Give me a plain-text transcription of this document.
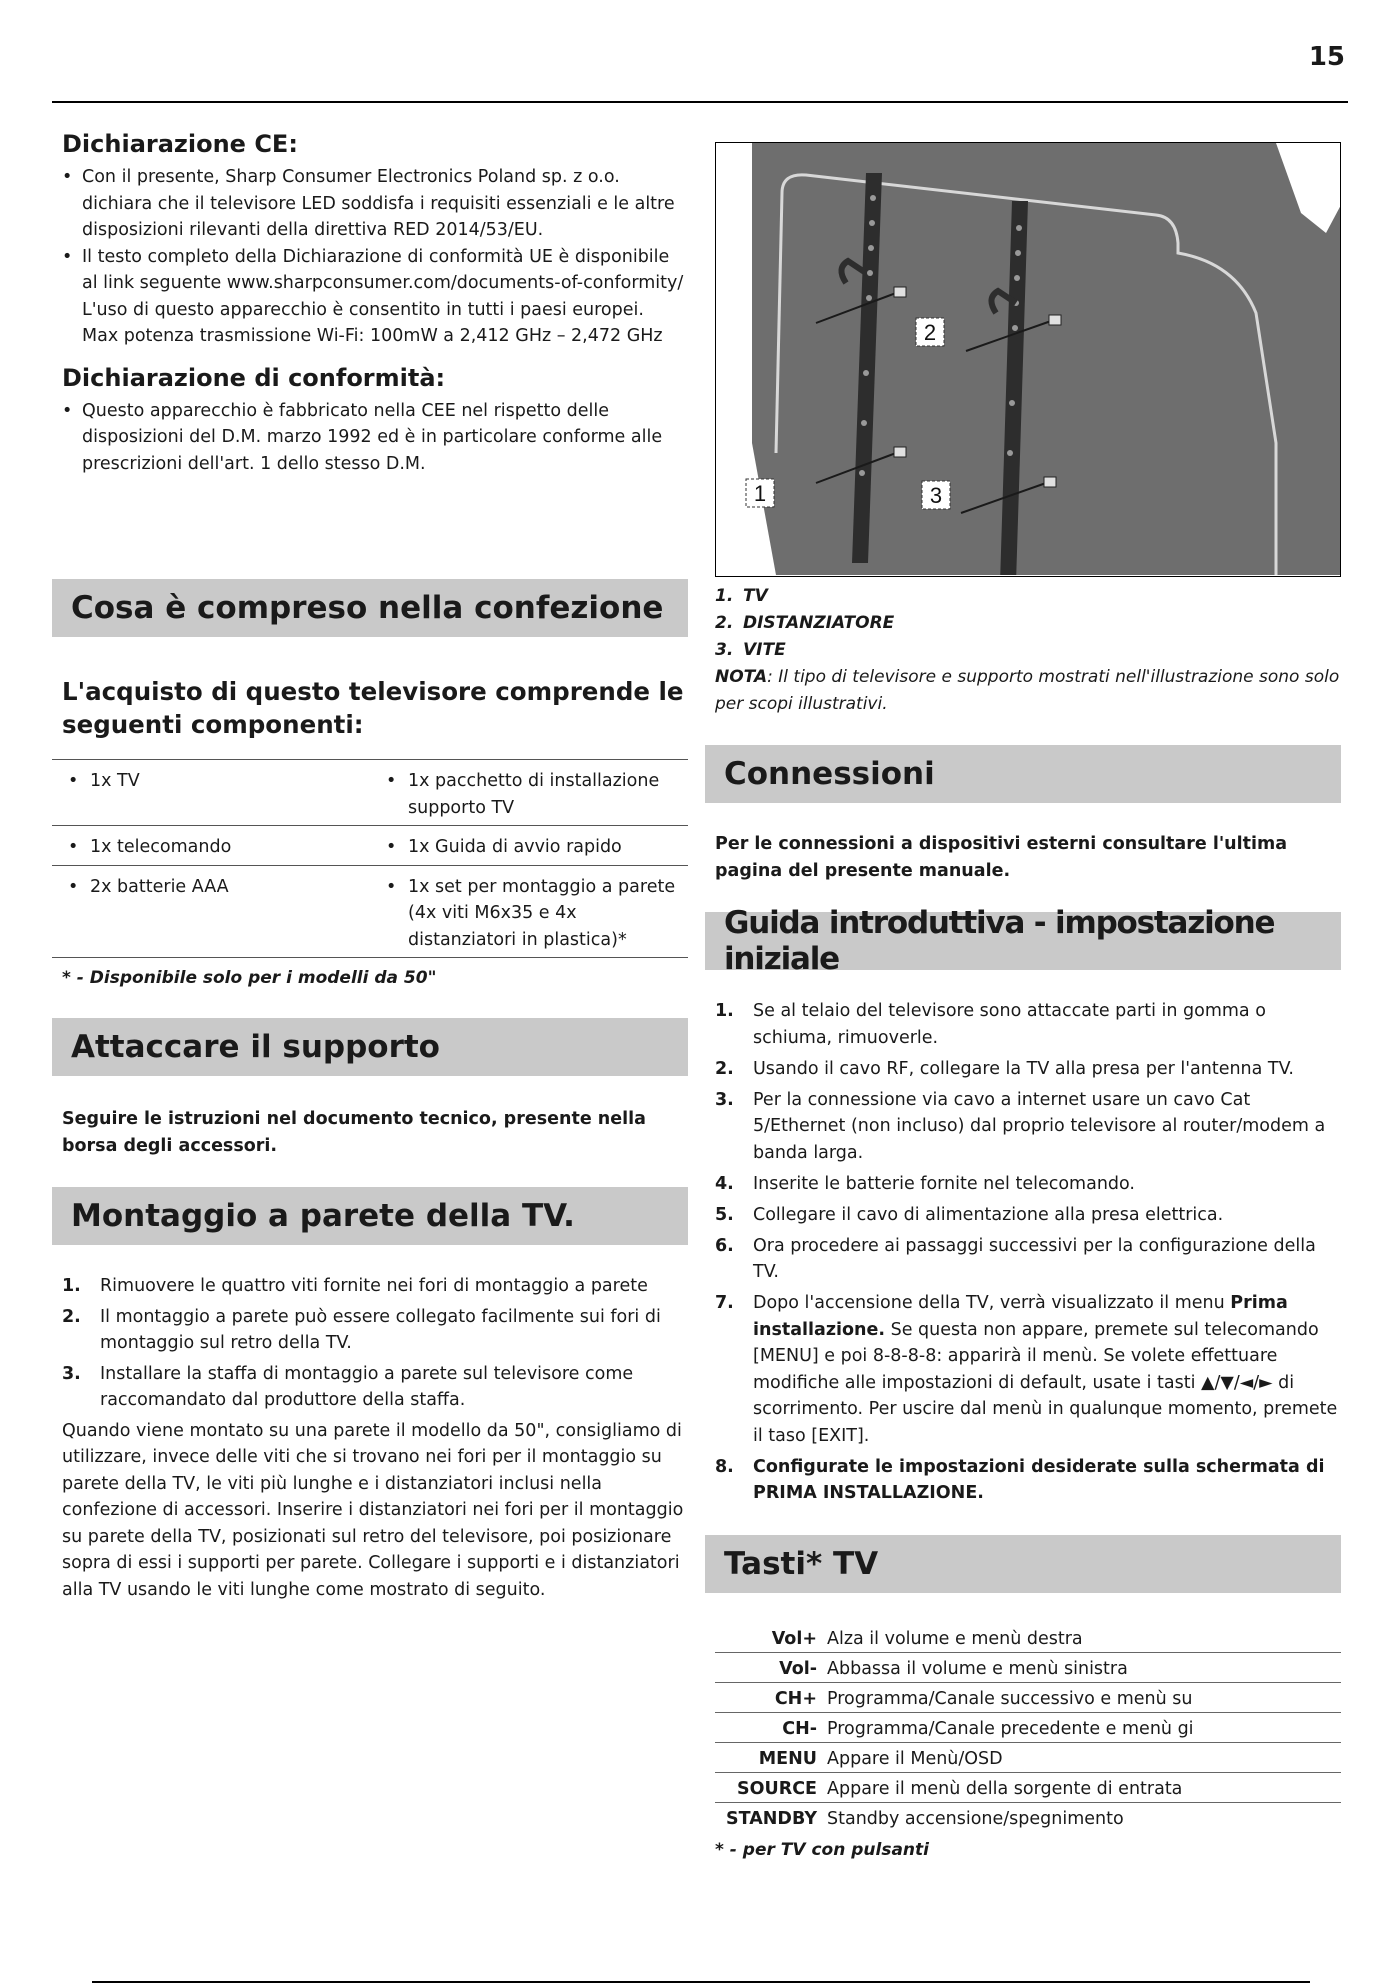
15
Dichiarazione CE:
• Con il presente, Sharp Consumer Electronics Poland sp. z o.o. dichiara che il televisore LED soddisfa i requisiti essenziali e le altre disposizioni rilevanti della direttiva RED 2014/53/EU.
• Il testo completo della Dichiarazione di conformità UE è disponibile al link seguente www.sharpconsumer.com/documents-of-conformity/
L'uso di questo apparecchio è consentito in tutti i paesi europei.
Max potenza trasmissione Wi-Fi: 100mW a 2,412 GHz – 2,472 GHz
Dichiarazione di conformità:
• Questo apparecchio è fabbricato nella CEE nel rispetto delle disposizioni del D.M. marzo 1992 ed è in particolare conforme alle prescrizioni dell'art. 1 dello stesso D.M.
Cosa è compreso nella confezione
L'acquisto di questo televisore comprende le seguenti componenti:
• 1x TV	• 1x pacchetto di installazione supporto TV

• 1x telecomando	• 1x Guida di avvio rapido

• 2x batterie AAA	• 1x set per montaggio a parete (4x viti M6x35 e 4x distanziatori in plastica)*
* - Disponibile solo per i modelli da 50"
Attaccare il supporto
Seguire le istruzioni nel documento tecnico, presente nella borsa degli accessori.
Montaggio a parete della TV.
1.	Rimuovere le quattro viti fornite nei fori di montaggio a parete
2.	Il montaggio a parete può essere collegato facilmente sui fori di montaggio sul retro della TV.
3.	Installare la staffa di montaggio a parete sul televisore come raccomandato dal produttore della staffa.
Quando viene montato su una parete il modello da 50", consigliamo di utilizzare, invece delle viti che si trovano nei fori per il montaggio su parete della TV, le viti più lunghe e i distanziatori inclusi nella confezione di accessori. Inserire i distanziatori nei fori per il montaggio su parete della TV, posizionati sul retro del televisore, poi posizionare sopra di essi i supporti per parete. Collegare i supporti e i distanziatori alla TV usando le viti lunghe come mostrato di seguito.
2
1	3
1. TV
2. DISTANZIATORE
3. VITE
NOTA: Il tipo di televisore e supporto mostrati nell'illustrazione sono solo per scopi illustrativi.
Connessioni
Per le connessioni a dispositivi esterni consultare l'ultima pagina del presente manuale.
Guida introduttiva - impostazione iniziale
1.	Se al telaio del televisore sono attaccate parti in gomma o schiuma, rimuoverle.
2.	Usando il cavo RF, collegare la TV alla presa per l'antenna TV.
3.	Per la connessione via cavo a internet usare un cavo Cat 5/Ethernet (non incluso) dal proprio televisore al router/modem a banda larga.
4.	Inserite le batterie fornite nel telecomando.
5.	Collegare il cavo di alimentazione alla presa elettrica.
6.	Ora procedere ai passaggi successivi per la configurazione della TV.
7.	Dopo l'accensione della TV, verrà visualizzato il menu Prima installazione. Se questa non appare, premete sul telecomando [MENU] e poi 8-8-8-8: apparirà il menù. Se volete effettuare modifiche alle impostazioni di default, usate i tasti ▲/▼/◄/► di scorrimento. Per uscire dal menù in qualunque momento, premete il taso [EXIT].
8.	Configurate le impostazioni desiderate sulla schermata di PRIMA INSTALLAZIONE.
Tasti* TV
Vol+	Alza il volume e menù destra
Vol-	Abbassa il volume e menù sinistra
CH+	Programma/Canale successivo e menù su
CH-	Programma/Canale precedente e menù gi
MENU	Appare il Menù/OSD
SOURCE	Appare il menù della sorgente di entrata
STANDBY	Standby accensione/spegnimento
* - per TV con pulsanti
